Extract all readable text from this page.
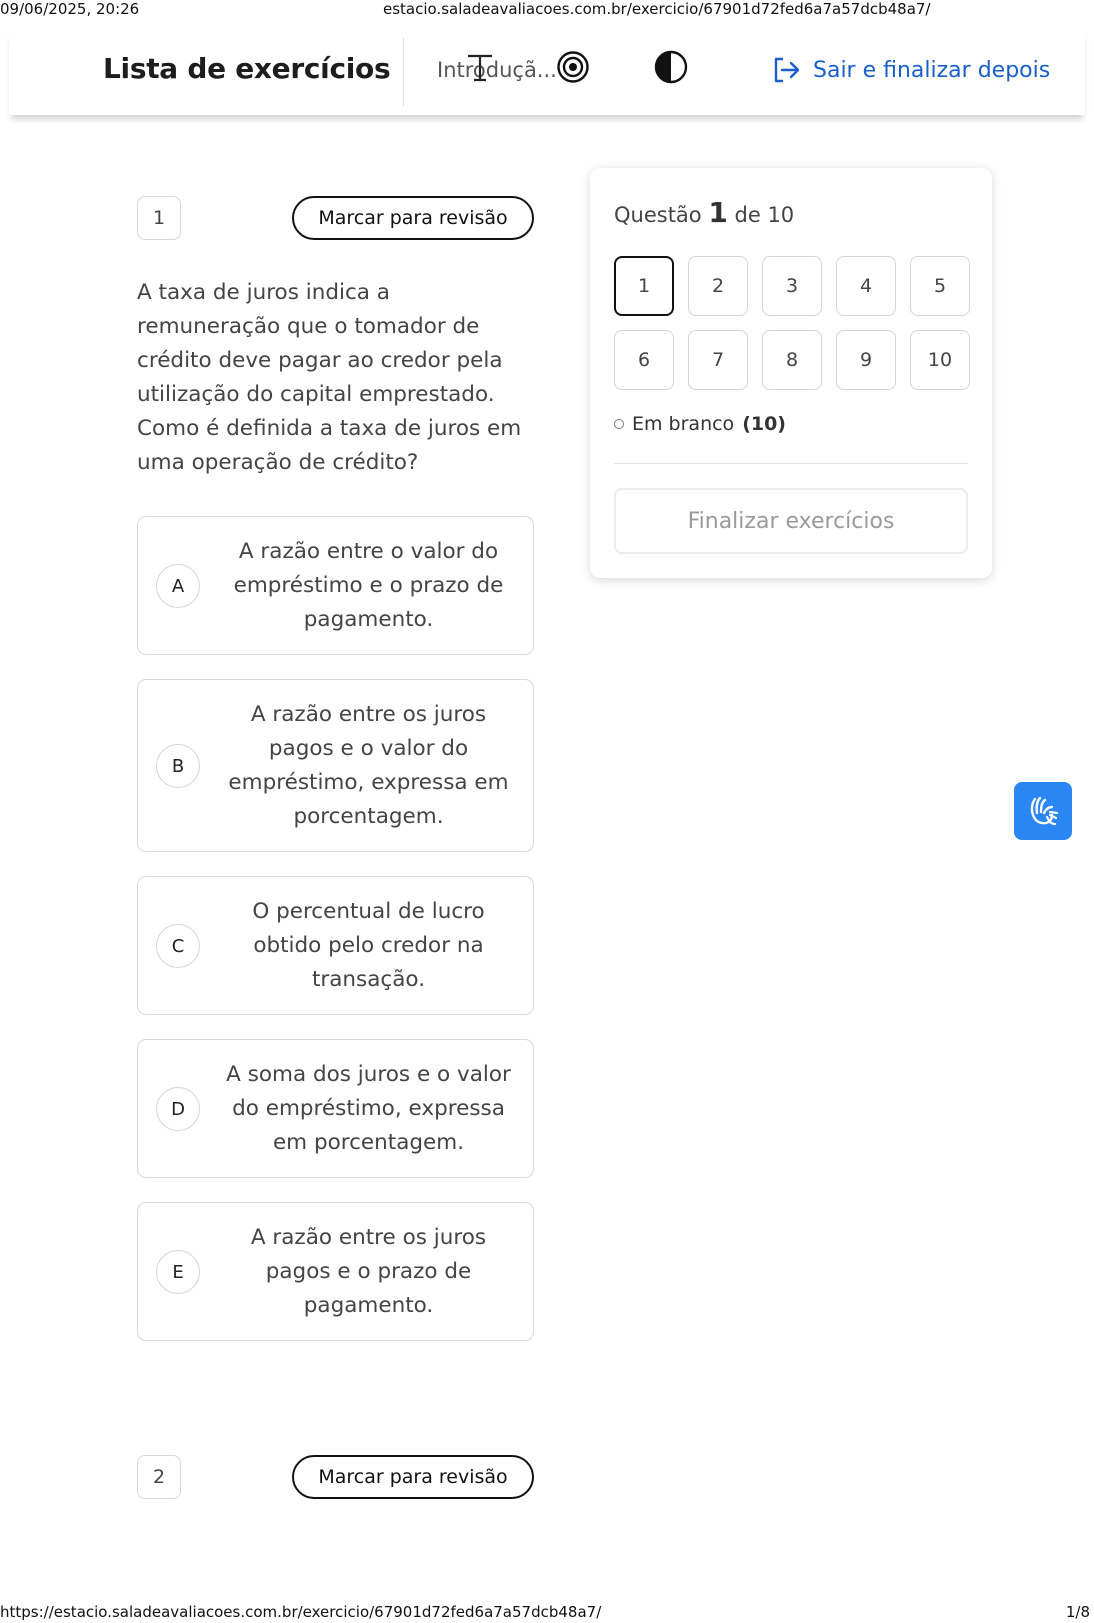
09/06/2025, 20:26	estacio.saladeavaliacoes.com.br/exercicio/67901d72fed6a7a57dcb48a7/
Lista de exercícios Introduçã...	Sair e finalizar depois
1	Marcar para revisão
A taxa de juros indica a remuneração que o tomador de crédito deve pagar ao credor pela utilização do capital emprestado. Como é definida a taxa de juros em uma operação de crédito?
A
A razão entre o valor do empréstimo e o prazo de pagamento.
B
A razão entre os juros pagos e o valor do empréstimo, expressa em porcentagem.
C
O percentual de lucro obtido pelo credor na transação.
D
A soma dos juros e o valor do empréstimo, expressa em porcentagem.
E
A razão entre os juros pagos e o prazo de pagamento.
2	Marcar para revisão
Questão 1 de 10
1	2	3	4	5
6	7	8	9	10
Em branco (10)
Finalizar exercícios
https://estacio.saladeavaliacoes.com.br/exercicio/67901d72fed6a7a57dcb48a7/	1/8
